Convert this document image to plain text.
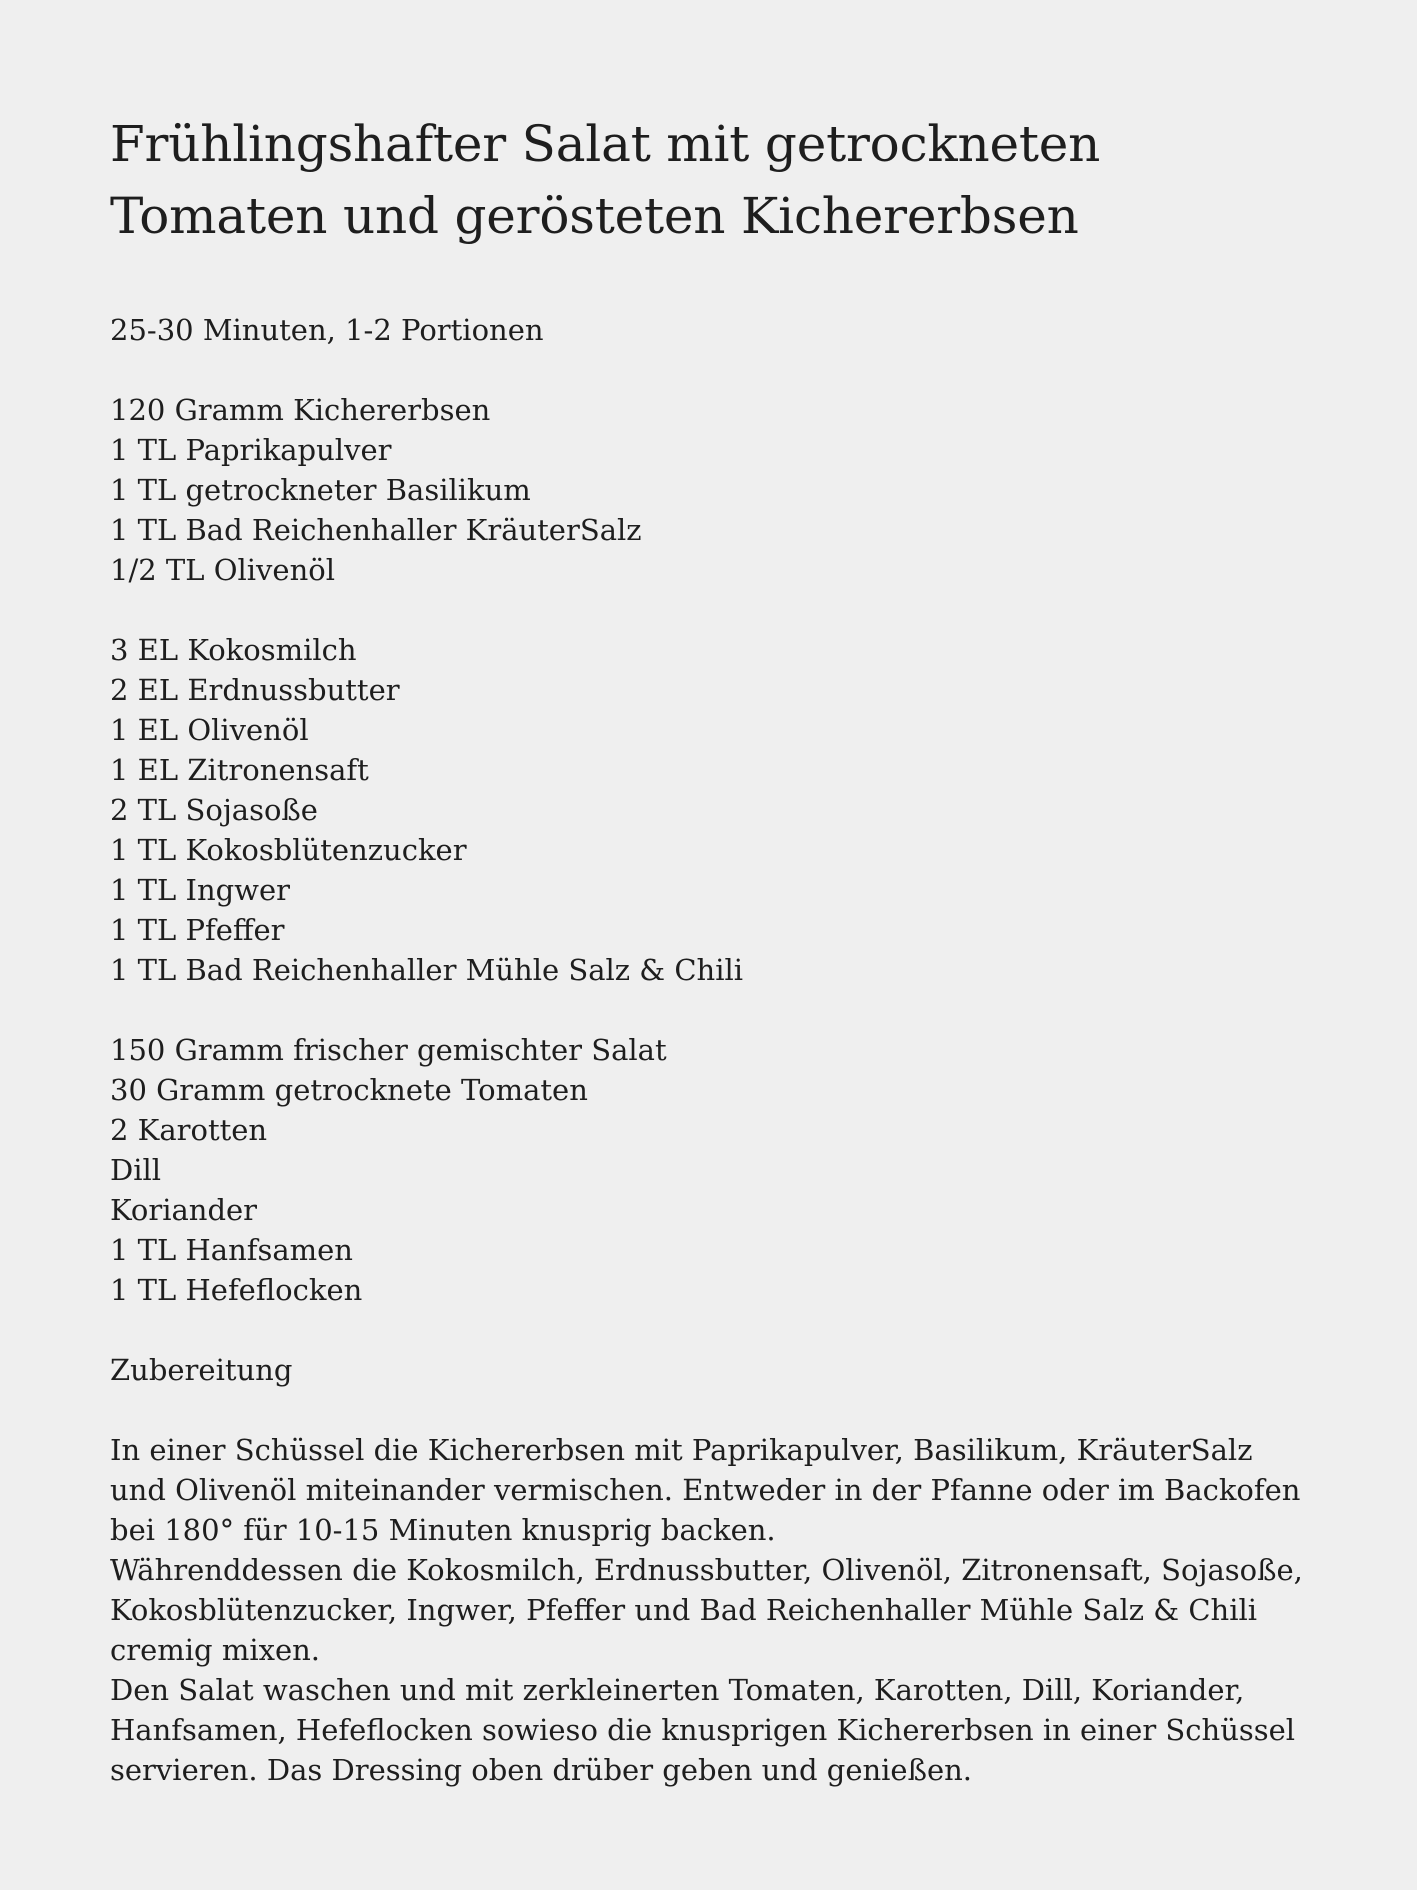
Frühlingshafter Salat mit getrockneten Tomaten und gerösteten Kichererbsen

25-30 Minuten, 1-2 Portionen

120 Gramm Kichererbsen
1 TL Paprikapulver
1 TL getrockneter Basilikum
1 TL Bad Reichenhaller KräuterSalz
1/2 TL Olivenöl
3 EL Kokosmilch
2 EL Erdnussbutter
1 EL Olivenöl
1 EL Zitronensaft
2 TL Sojasoße
1 TL Kokosblütenzucker
1 TL Ingwer
1 TL Pfeffer
1 TL Bad Reichenhaller Mühle Salz & Chili
150 Gramm frischer gemischter Salat
30 Gramm getrocknete Tomaten
2 Karotten
Dill
Koriander
1 TL Hanfsamen
1 TL Hefeflocken
Zubereitung

In einer Schüssel die Kichererbsen mit Paprikapulver, Basilikum, KräuterSalz und Olivenöl miteinander vermischen. Entweder in der Pfanne oder im Backofen bei 180° für 10-15 Minuten knusprig backen.

Währenddessen die Kokosmilch, Erdnussbutter, Olivenöl, Zitronensaft, Sojasoße, Kokosblütenzucker, Ingwer, Pfeffer und Bad Reichenhaller Mühle Salz & Chili cremig mixen.

Den Salat waschen und mit zerkleinerten Tomaten, Karotten, Dill, Koriander, Hanfsamen, Hefeflocken sowieso die knusprigen Kichererbsen in einer Schüssel servieren. Das Dressing oben drüber geben und genießen.
